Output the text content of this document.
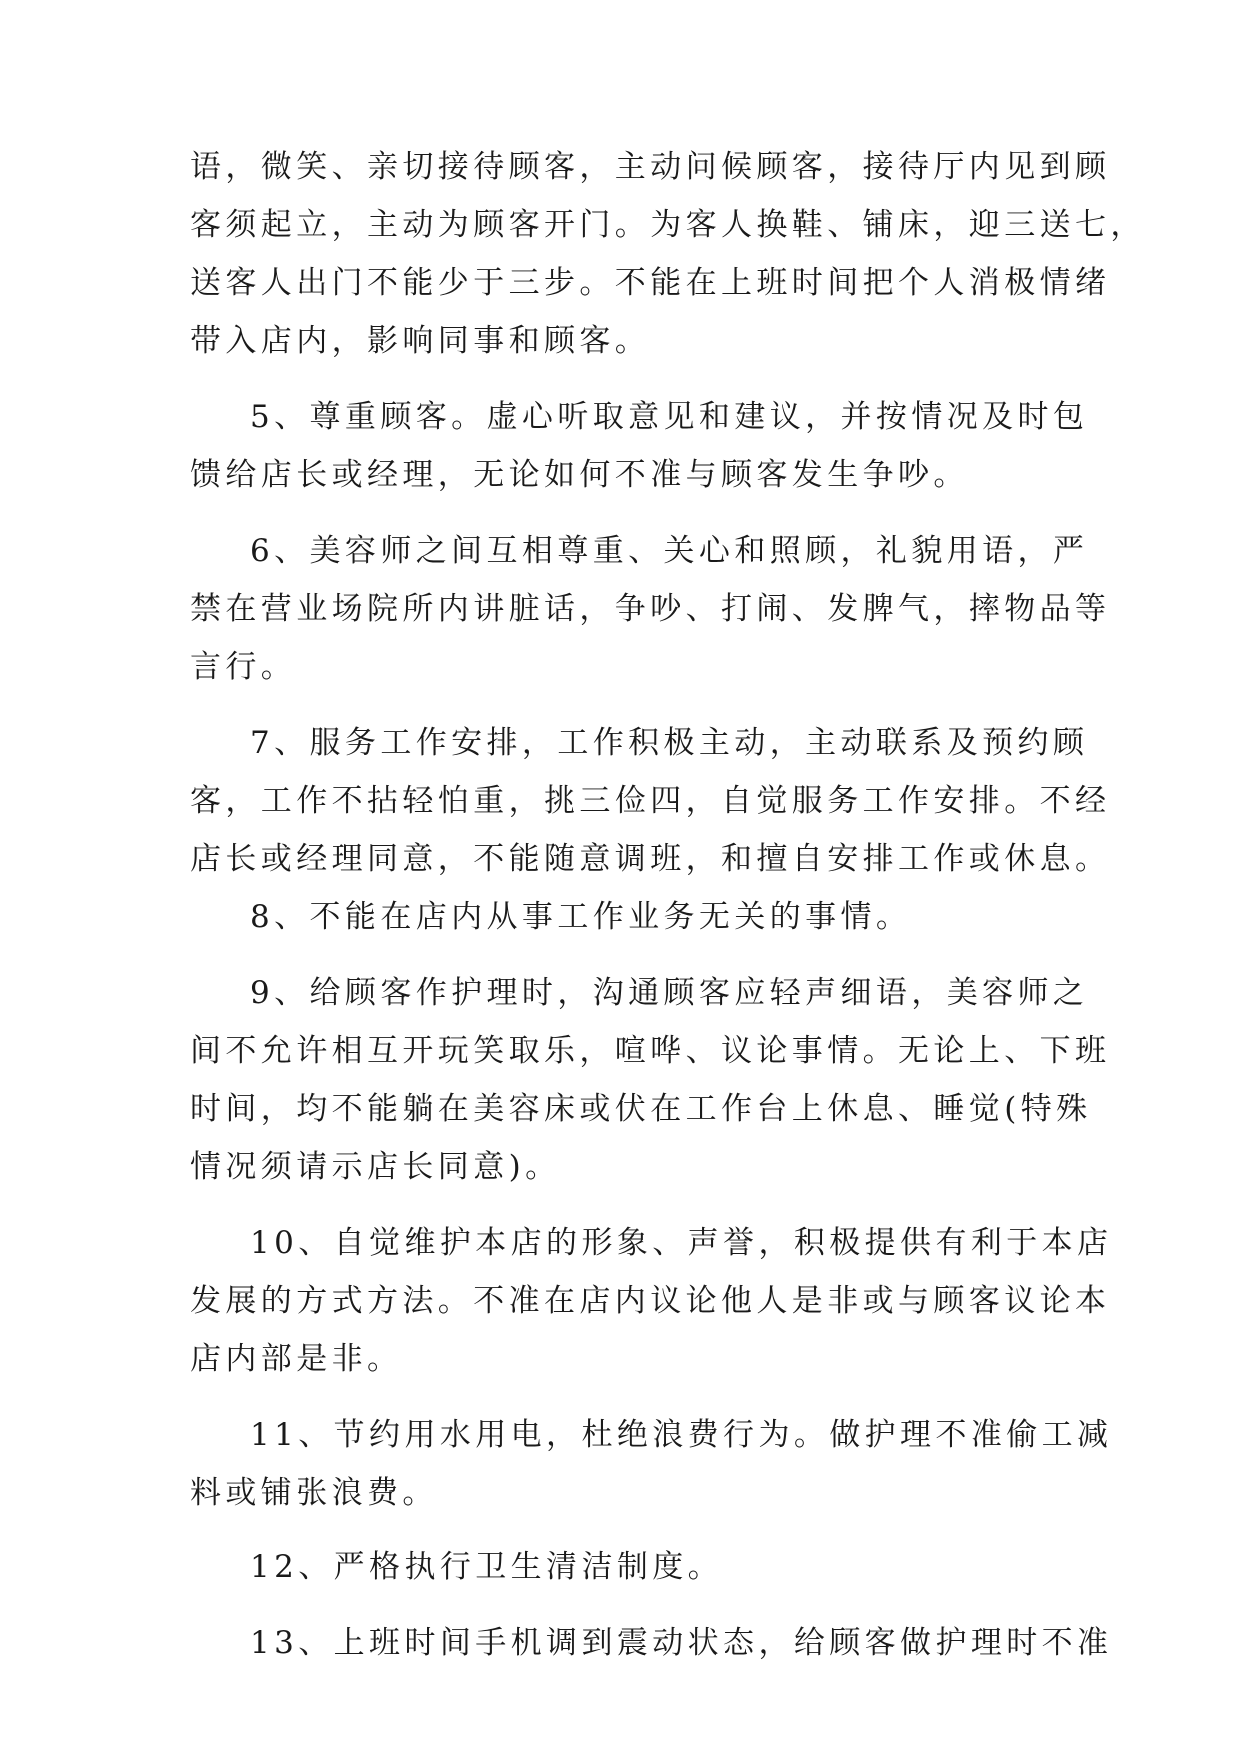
语，微笑、亲切接待顾客，主动问候顾客，接待厅内见到顾
客须起立，主动为顾客开门。为客人换鞋、铺床，迎三送七，
送客人出门不能少于三步。不能在上班时间把个人消极情绪
带入店内，影响同事和顾客。
5、尊重顾客。虚心听取意见和建议，并按情况及时包
馈给店长或经理，无论如何不准与顾客发生争吵。
6、美容师之间互相尊重、关心和照顾，礼貌用语，严
禁在营业场院所内讲脏话，争吵、打闹、发脾气，摔物品等
言行。
7、服务工作安排，工作积极主动，主动联系及预约顾
客，工作不拈轻怕重，挑三俭四，自觉服务工作安排。不经
店长或经理同意，不能随意调班，和擅自安排工作或休息。
8、不能在店内从事工作业务无关的事情。
9、给顾客作护理时，沟通顾客应轻声细语，美容师之
间不允许相互开玩笑取乐，喧哗、议论事情。无论上、下班
时间，均不能躺在美容床或伏在工作台上休息、睡觉(特殊
情况须请示店长同意)。
10、自觉维护本店的形象、声誉，积极提供有利于本店
发展的方式方法。不准在店内议论他人是非或与顾客议论本
店内部是非。
11、节约用水用电，杜绝浪费行为。做护理不准偷工减
料或铺张浪费。
12、严格执行卫生清洁制度。
13、上班时间手机调到震动状态，给顾客做护理时不准
